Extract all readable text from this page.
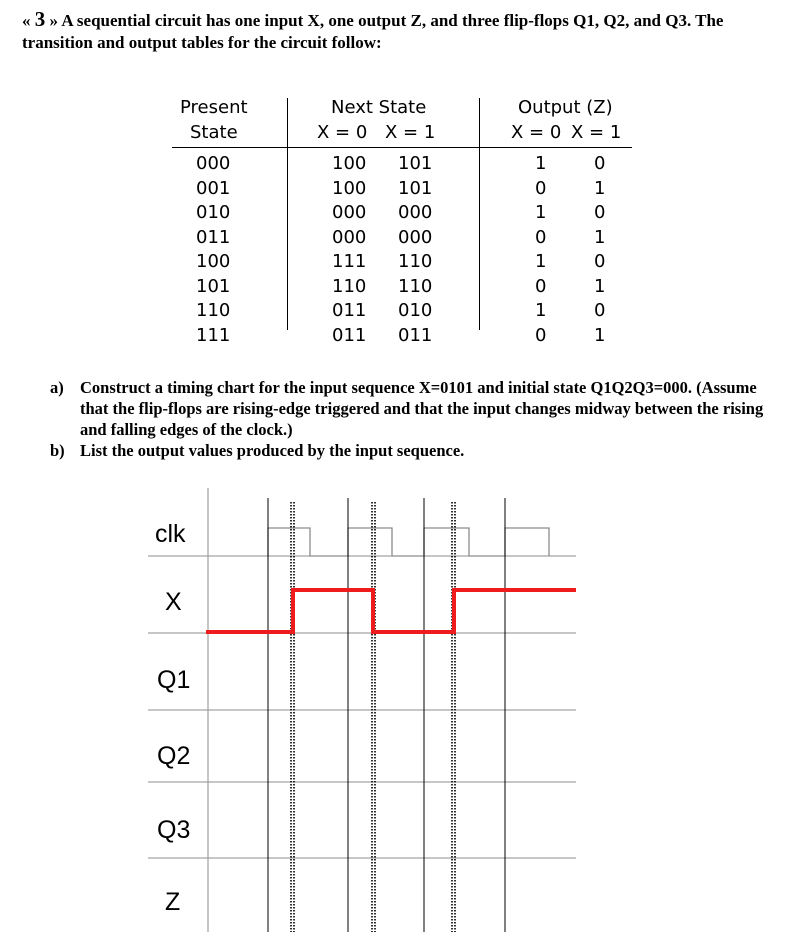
« 3 » A sequential circuit has one input X, one output Z, and three flip-flops Q1, Q2, and Q3. The transition and output tables for the circuit follow:
Present
State
Next State
X = 0 X = 1
Output (Z)
X = 0 X = 1
000	100 101	1	0
001	100 101	0	1
010	000 000	1	0
011	000 000	0	1
100	111 110	1	0
101	110 110	0	1
110	011 010	1	0
111	011 011	0	1
a) Construct a timing chart for the input sequence X=0101 and initial state Q1Q2Q3=000. (Assume that the flip-flops are rising-edge triggered and that the input changes midway between the rising and falling edges of the clock.)
b) List the output values produced by the input sequence.
clk
X
Q1
Q2
Q3
Z
